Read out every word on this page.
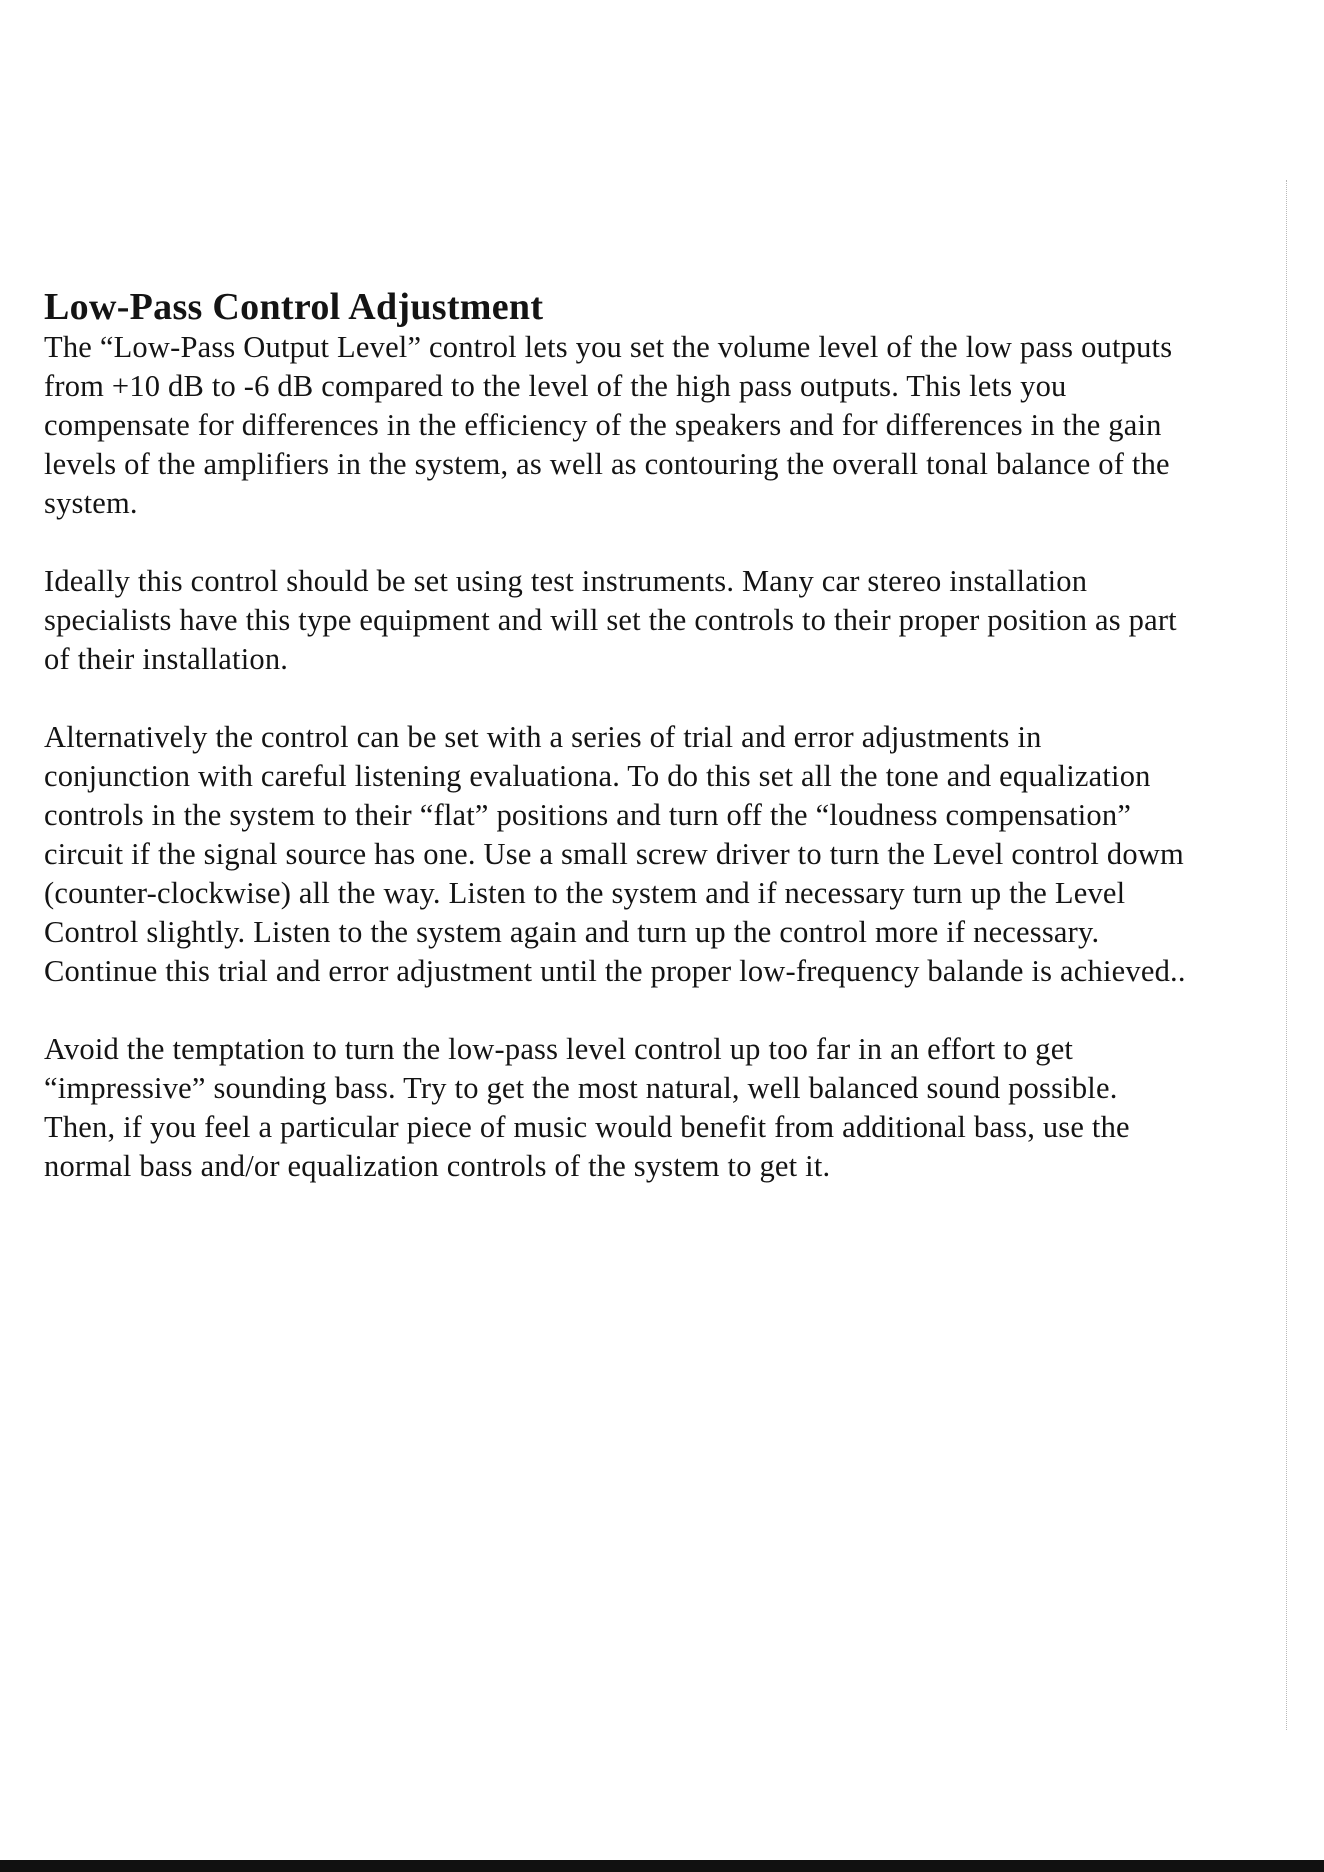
Low-Pass Control Adjustment

The “Low-Pass Output Level” control lets you set the volume level of the low pass outputs from +10 dB to -6 dB compared to the level of the high pass outputs. This lets you compensate for differences in the efficiency of the speakers and for differences in the gain levels of the amplifiers in the system, as well as contouring the overall tonal balance of the system.

Ideally this control should be set using test instruments. Many car stereo installation specialists have this type equipment and will set the controls to their proper position as part of their installation.

Alternatively the control can be set with a series of trial and error adjustments in conjunction with careful listening evaluationa. To do this set all the tone and equalization controls in the system to their “flat” positions and turn off the “loudness compensation” circuit if the signal source has one. Use a small screw driver to turn the Level control dowm (counter-clockwise) all the way. Listen to the system and if necessary turn up the Level Control slightly. Listen to the system again and turn up the control more if necessary. Continue this trial and error adjustment until the proper low-frequency balande is achieved..

Avoid the temptation to turn the low-pass level control up too far in an effort to get “impressive” sounding bass. Try to get the most natural, well balanced sound possible. Then, if you feel a particular piece of music would benefit from additional bass, use the normal bass and/or equalization controls of the system to get it.
